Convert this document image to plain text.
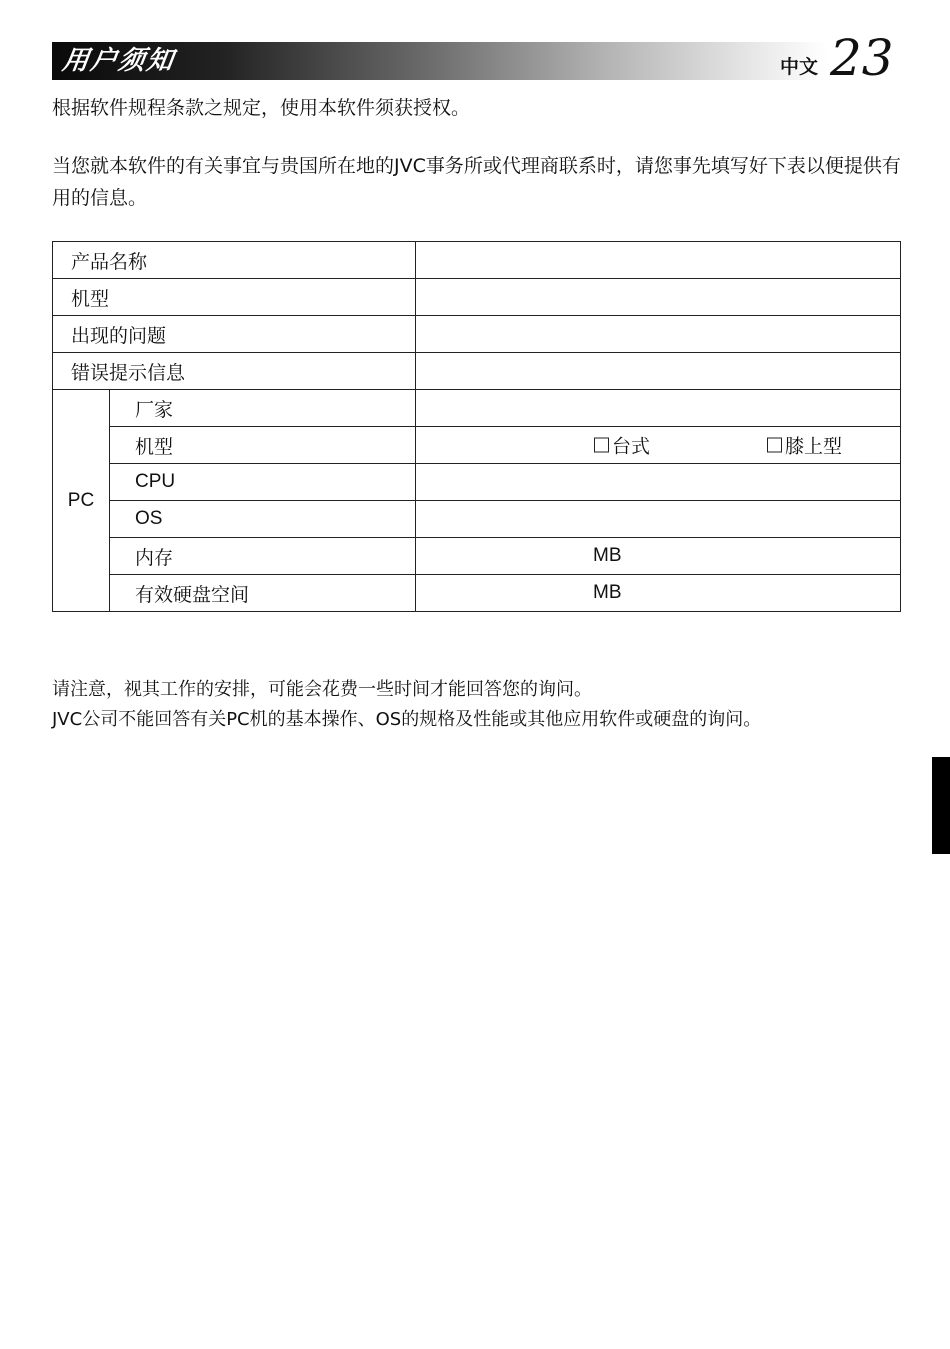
用户须知	中文 23

根据软件规程条款之规定，使用本软件须获授权。

当您就本软件的有关事宜与贵国所在地的JVC事务所或代理商联系时，请您事先填写好下表以便提供有用的信息。

产品名称		
机型		
出现的问题		
错误提示信息		
PC	厂家	
	机型	台式 膝上型

	CPU	
	OS	
	内存	MB

	有效硬盘空间	MB

请注意，视其工作的安排，可能会花费一些时间才能回答您的询问。

JVC公司不能回答有关PC机的基本操作、OS的规格及性能或其他应用软件或硬盘的询问。
